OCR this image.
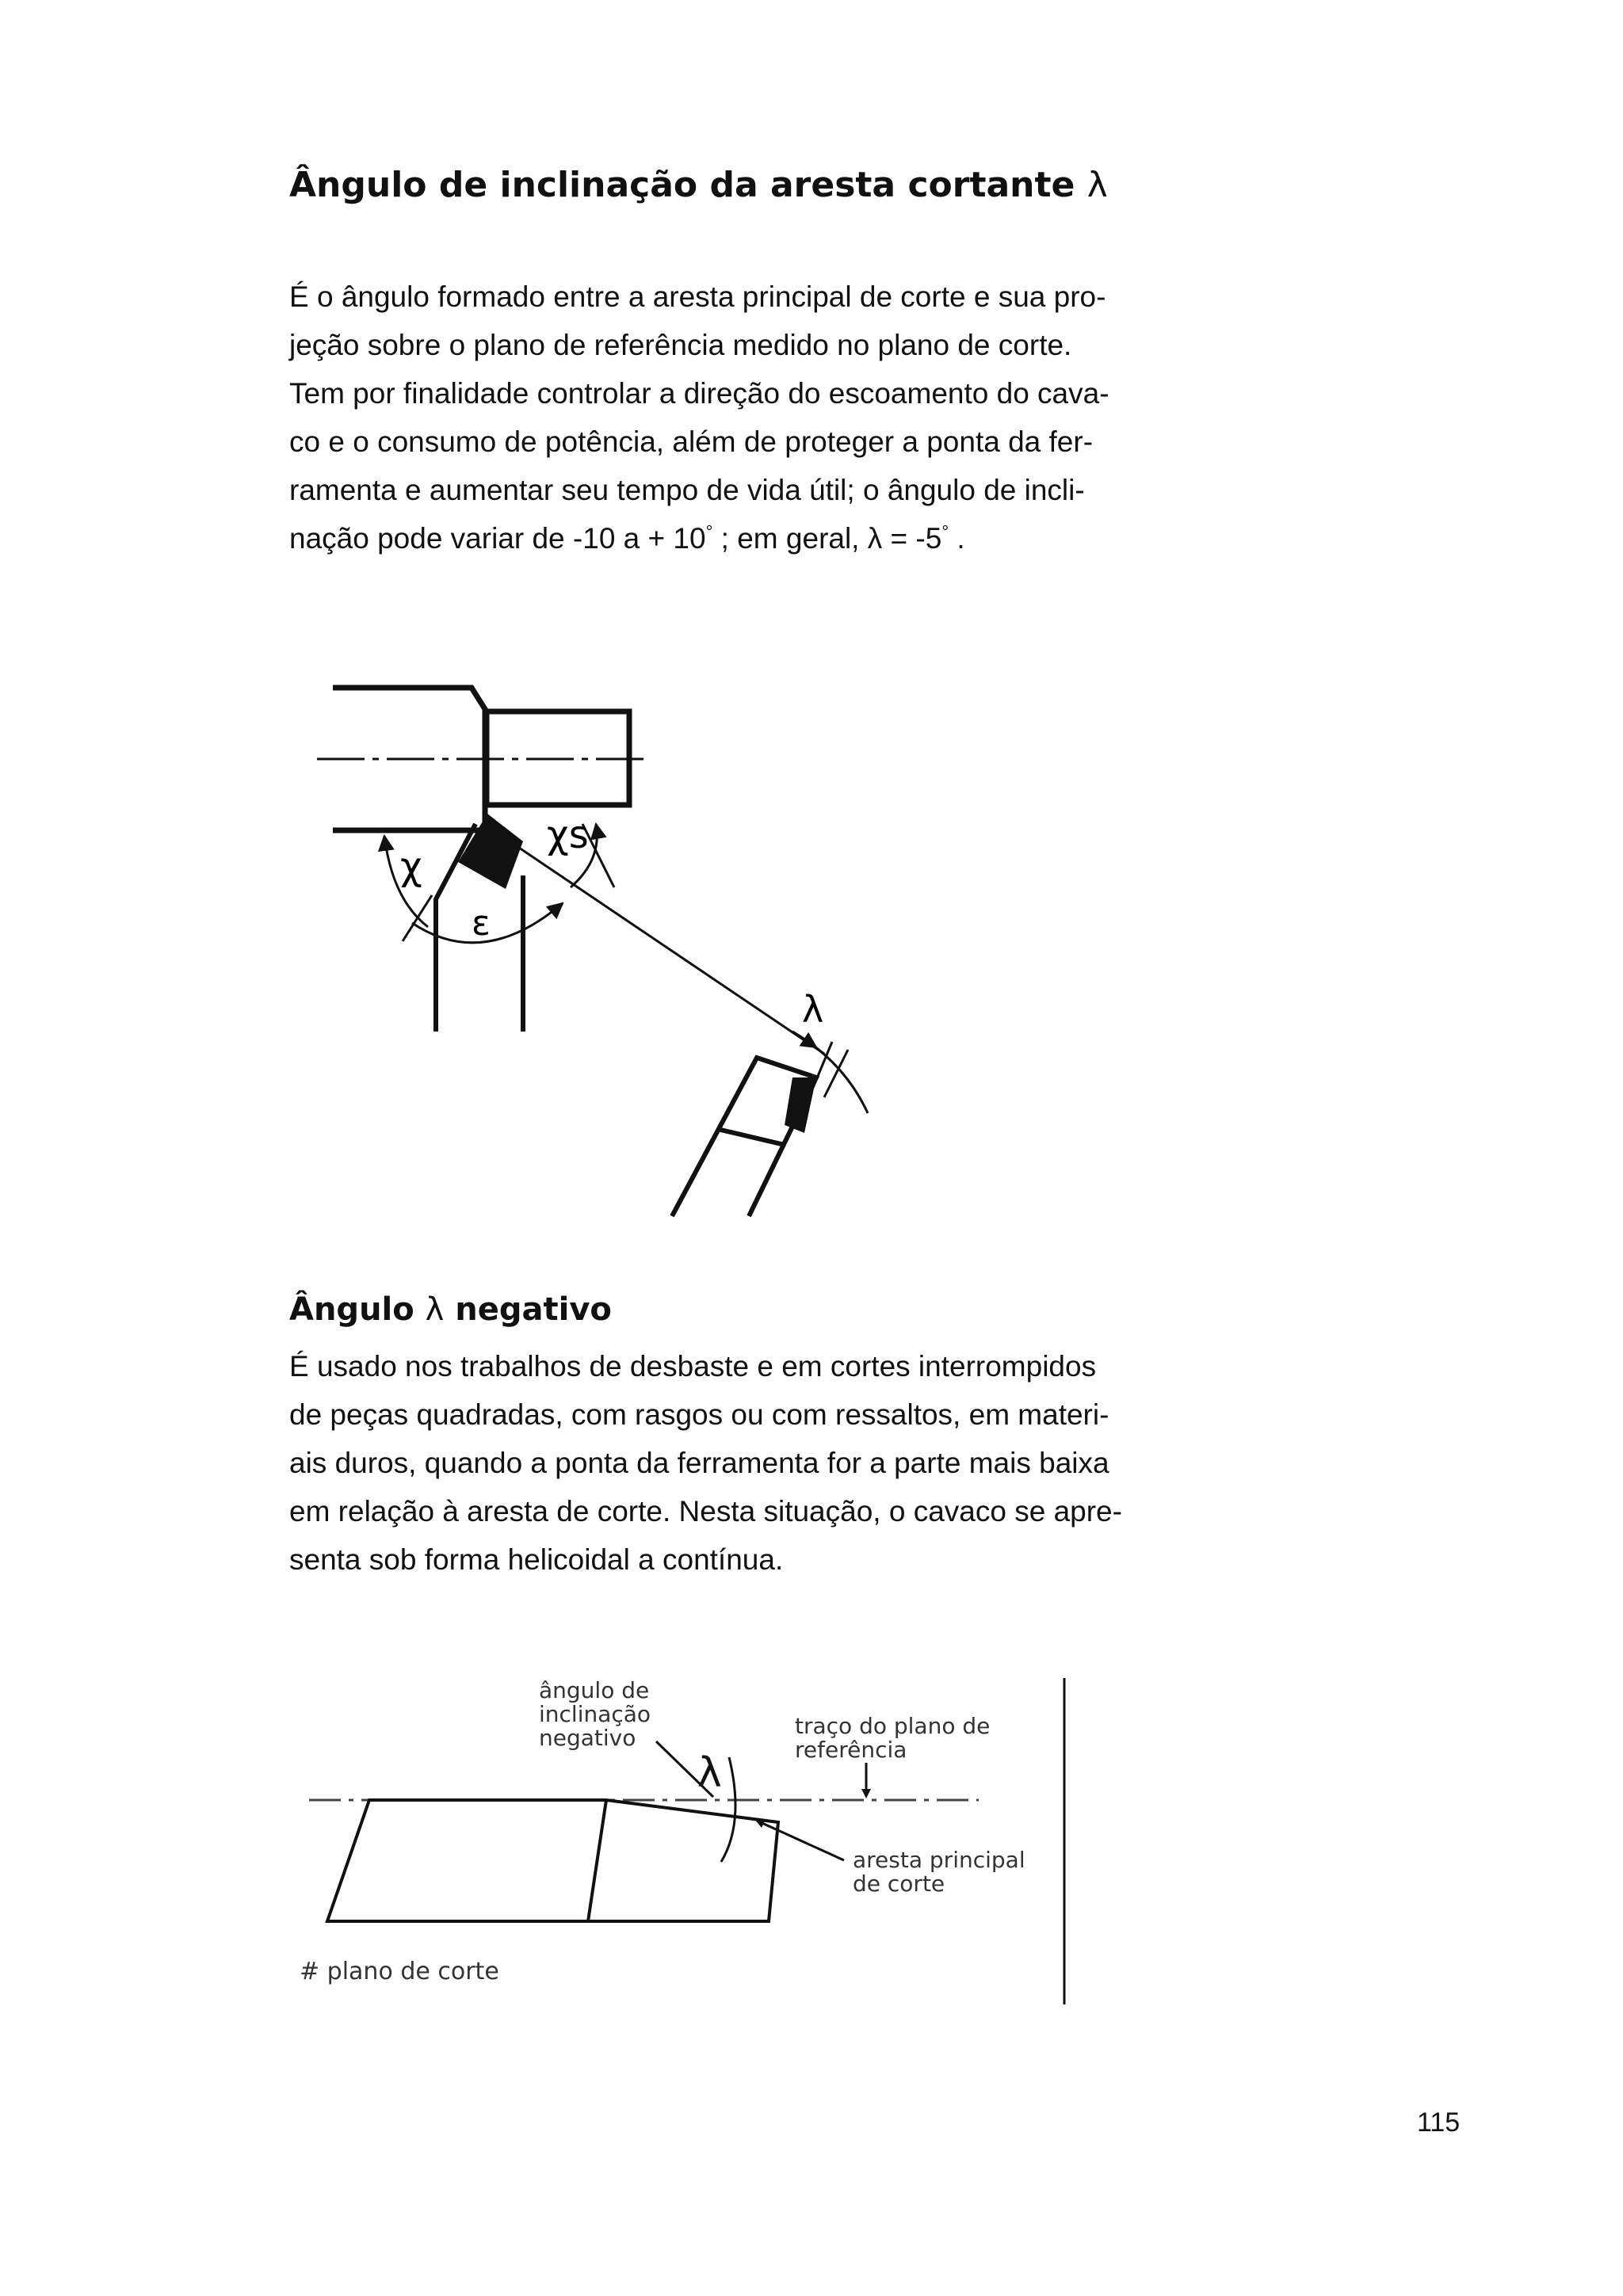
Ângulo de inclinação da aresta cortante λ

É o ângulo formado entre a aresta principal de corte e sua pro-
jeção sobre o plano de referência medido no plano de corte.
Tem por finalidade controlar a direção do escoamento do cava-
co e o consumo de potência, além de proteger a ponta da fer-
ramenta e aumentar seu tempo de vida útil; o ângulo de incli-
nação pode variar de -10 a + 10° ; em geral, λ = -5° .

χ
χs
ε
λ
Ângulo λ negativo

É usado nos trabalhos de desbaste e em cortes interrompidos
de peças quadradas, com rasgos ou com ressaltos, em materi-
ais duros, quando a ponta da ferramenta for a parte mais baixa
em relação à aresta de corte. Nesta situação, o cavaco se apre-
senta sob forma helicoidal a contínua.

ângulo de
inclinação
negativo
λ
traço do plano de
referência
aresta principal
de corte
# plano de corte

115
